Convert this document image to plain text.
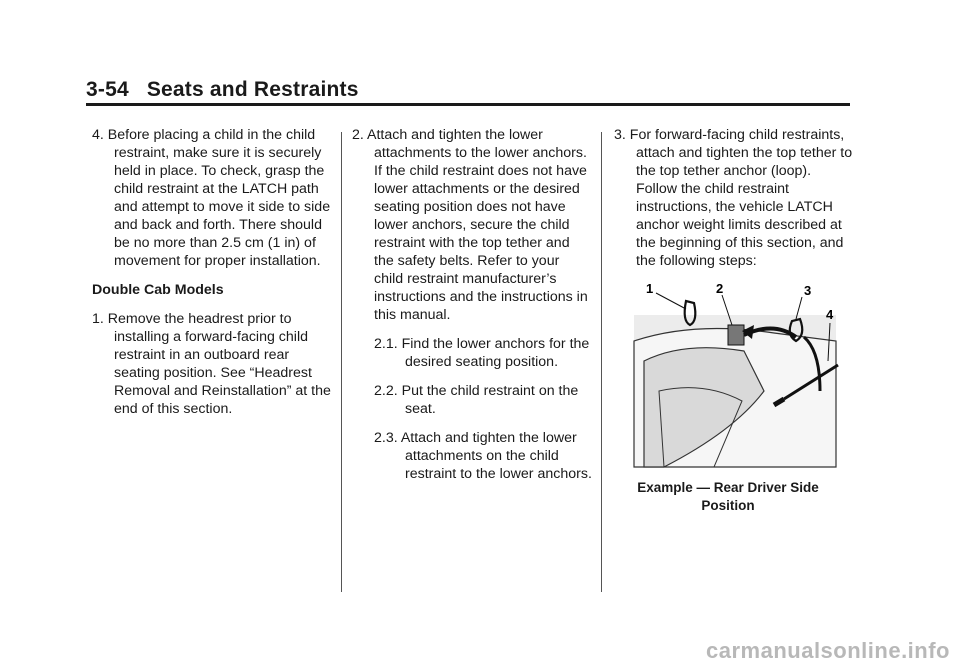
3-54 Seats and Restraints

4. Before placing a child in the child restraint, make sure it is securely held in place. To check, grasp the child restraint at the LATCH path and attempt to move it side to side and back and forth. There should be no more than 2.5 cm (1 in) of movement for proper installation.

Double Cab Models

1. Remove the headrest prior to installing a forward-facing child restraint in an outboard rear seating position. See “Headrest Removal and Reinstallation” at the end of this section.

2. Attach and tighten the lower attachments to the lower anchors. If the child restraint does not have lower attachments or the desired seating position does not have lower anchors, secure the child restraint with the top tether and the safety belts. Refer to your child restraint manufacturer’s instructions and the instructions in this manual.

2.1. Find the lower anchors for the desired seating position.

2.2. Put the child restraint on the seat.

2.3. Attach and tighten the lower attachments on the child restraint to the lower anchors.

3. For forward-facing child restraints, attach and tighten the top tether to the top tether anchor (loop). Follow the child restraint instructions, the vehicle LATCH anchor weight limits described at the beginning of this section, and the following steps:

1	2	3
4
Example — Rear Driver Side Position
carmanualsonline.info
